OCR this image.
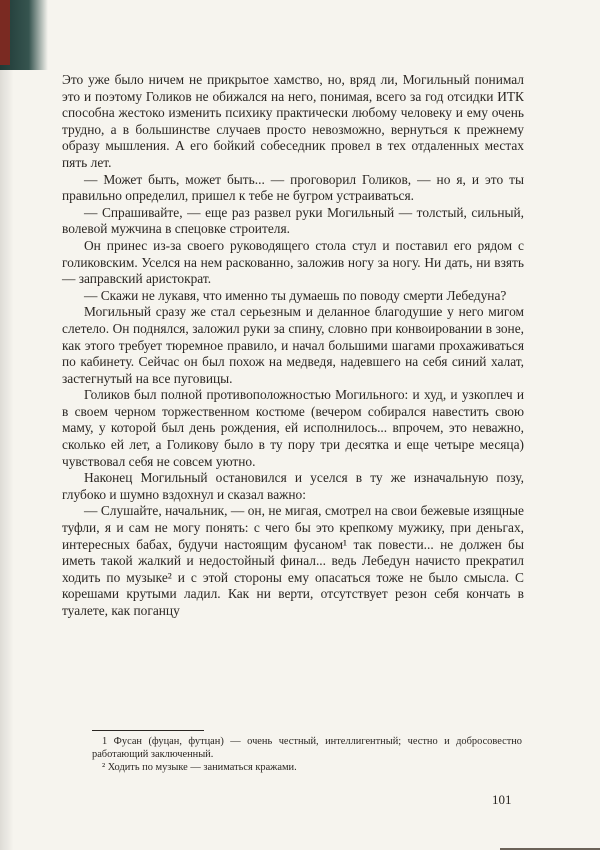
Это уже было ничем не прикрытое хамство, но, вряд ли, Могильный понимал это и поэтому Голиков не обижался на него, понимая, всего за год отсидки ИТК способна жестоко изменить психику практически любому человеку и ему очень трудно, а в большинстве случаев просто невозможно, вернуться к прежнему образу мышления. А его бойкий собеседник провел в тех отдаленных местах пять лет.

— Может быть, может быть... — проговорил Голиков, — но я, и это ты правильно определил, пришел к тебе не бугром устраиваться.

— Спрашивайте, — еще раз развел руки Могильный — толстый, сильный, волевой мужчина в спецовке строителя.

Он принес из-за своего руководящего стола стул и поставил его рядом с голиковским. Уселся на нем раскованно, заложив ногу за ногу. Ни дать, ни взять — заправский аристократ.

— Скажи не лукавя, что именно ты думаешь по поводу смерти Лебедуна?

Могильный сразу же стал серьезным и деланное благодушие у него мигом слетело. Он поднялся, заложил руки за спину, словно при конвоировании в зоне, как этого требует тюремное правило, и начал большими шагами прохаживаться по кабинету. Сейчас он был похож на медведя, надевшего на себя синий халат, застегнутый на все пуговицы.

Голиков был полной противоположностью Могильного: и худ, и узкоплеч и в своем черном торжественном костюме (вечером собирался навестить свою маму, у которой был день рождения, ей исполнилось... впрочем, это неважно, сколько ей лет, а Голикову было в ту пору три десятка и еще четыре месяца) чувствовал себя не совсем уютно.

Наконец Могильный остановился и уселся в ту же изначальную позу, глубоко и шумно вздохнул и сказал важно:

— Слушайте, начальник, — он, не мигая, смотрел на свои бежевые изящные туфли, я и сам не могу понять: с чего бы это крепкому мужику, при деньгах, интересных бабах, будучи настоящим фусаном¹ так повести... не должен бы иметь такой жалкий и недостойный финал... ведь Лебедун начисто прекратил ходить по музыке² и с этой стороны ему опасаться тоже не было смысла. С корешами крутыми ладил. Как ни верти, отсутствует резон себя кончать в туалете, как поганцу

1 Фусан (фуцан, футцан) — очень честный, интеллигентный; честно и добросовестно работающий заключенный.

² Ходить по музыке — заниматься кражами.

101
